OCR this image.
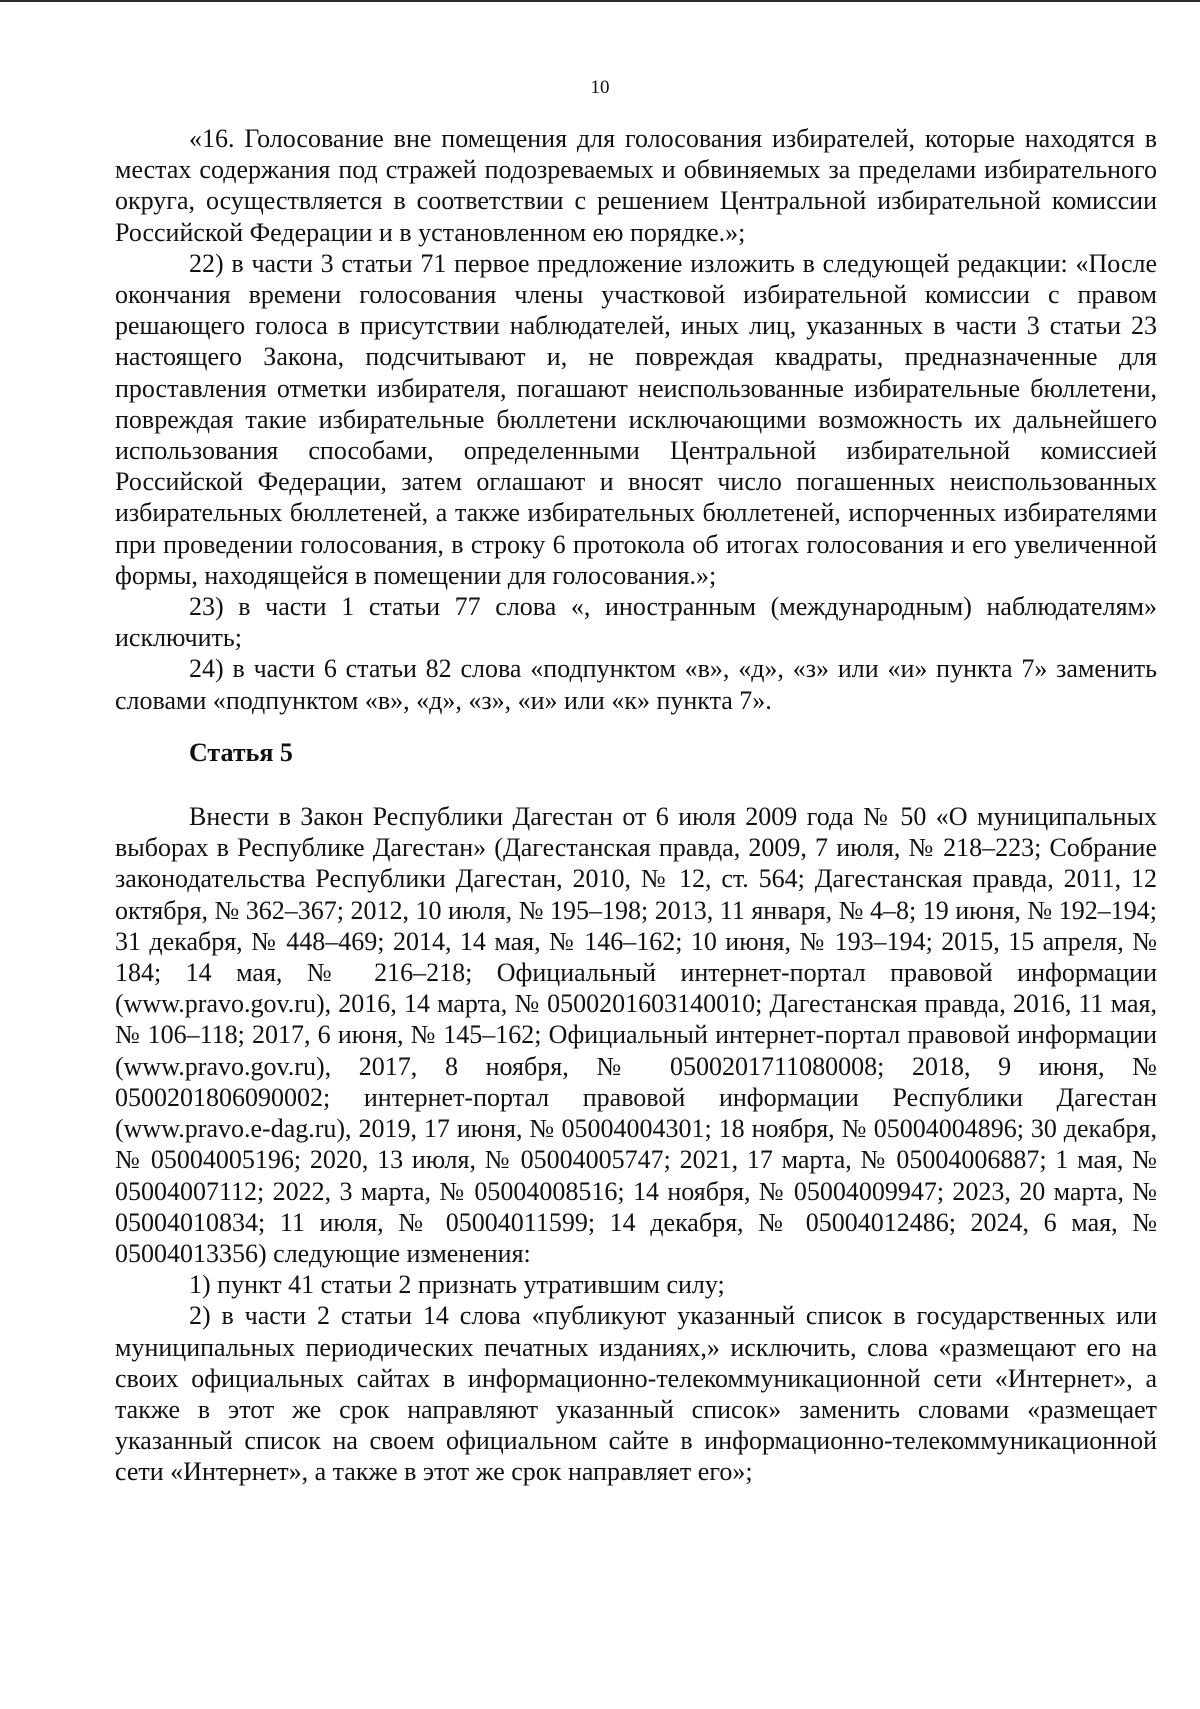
10

«16. Голосование вне помещения для голосования избирателей, которые находятся в местах содержания под стражей подозреваемых и обвиняемых за пределами избирательного округа, осуществляется в соответствии с решением Центральной избирательной комиссии Российской Федерации и в установленном ею порядке.»;

22) в части 3 статьи 71 первое предложение изложить в следующей редакции: «После окончания времени голосования члены участковой избирательной комиссии с правом решающего голоса в присутствии наблюдателей, иных лиц, указанных в части 3 статьи 23 настоящего Закона, подсчитывают и, не повреждая квадраты, предназначенные для проставления отметки избирателя, погашают неиспользованные избирательные бюллетени, повреждая такие избирательные бюллетени исключающими возможность их дальнейшего использования способами, определенными Центральной избирательной комиссией Российской Федерации, затем оглашают и вносят число погашенных неиспользованных избирательных бюллетеней, а также избирательных бюллетеней, испорченных избирателями при проведении голосования, в строку 6 протокола об итогах голосования и его увеличенной формы, находящейся в помещении для голосования.»;

23) в части 1 статьи 77 слова «, иностранным (международным) наблюдателям» исключить;

24) в части 6 статьи 82 слова «подпунктом «в», «д», «з» или «и» пункта 7» заменить словами «подпунктом «в», «д», «з», «и» или «к» пункта 7».

Статья 5

Внести в Закон Республики Дагестан от 6 июля 2009 года № 50 «О муниципальных выборах в Республике Дагестан» (Дагестанская правда, 2009, 7 июля, № 218–223; Собрание законодательства Республики Дагестан, 2010, № 12, ст. 564; Дагестанская правда, 2011, 12 октября, № 362–367; 2012, 10 июля, № 195–198; 2013, 11 января, № 4–8; 19 июня, № 192–194; 31 декабря, № 448–469; 2014, 14 мая, № 146–162; 10 июня, № 193–194; 2015, 15 апреля, № 184; 14 мая, № 216–218; Официальный интернет-портал правовой информации (www.pravo.gov.ru), 2016, 14 марта, № 0500201603140010; Дагестанская правда, 2016, 11 мая, № 106–118; 2017, 6 июня, № 145–162; Официальный интернет-портал правовой информации (www.pravo.gov.ru), 2017, 8 ноября, № 0500201711080008; 2018, 9 июня, № 0500201806090002; интернет-портал правовой информации Республики Дагестан (www.pravo.e-dag.ru), 2019, 17 июня, № 05004004301; 18 ноября, № 05004004896; 30 декабря, № 05004005196; 2020, 13 июля, № 05004005747; 2021, 17 марта, № 05004006887; 1 мая, № 05004007112; 2022, 3 марта, № 05004008516; 14 ноября, № 05004009947; 2023, 20 марта, № 05004010834; 11 июля, № 05004011599; 14 декабря, № 05004012486; 2024, 6 мая, № 05004013356) следующие изменения:

1) пункт 41 статьи 2 признать утратившим силу;

2) в части 2 статьи 14 слова «публикуют указанный список в государственных или муниципальных периодических печатных изданиях,» исключить, слова «размещают его на своих официальных сайтах в информационно-телекоммуникационной сети «Интернет», а также в этот же срок направляют указанный список» заменить словами «размещает указанный список на своем официальном сайте в информационно-телекоммуникационной сети «Интернет», а также в этот же срок направляет его»;
